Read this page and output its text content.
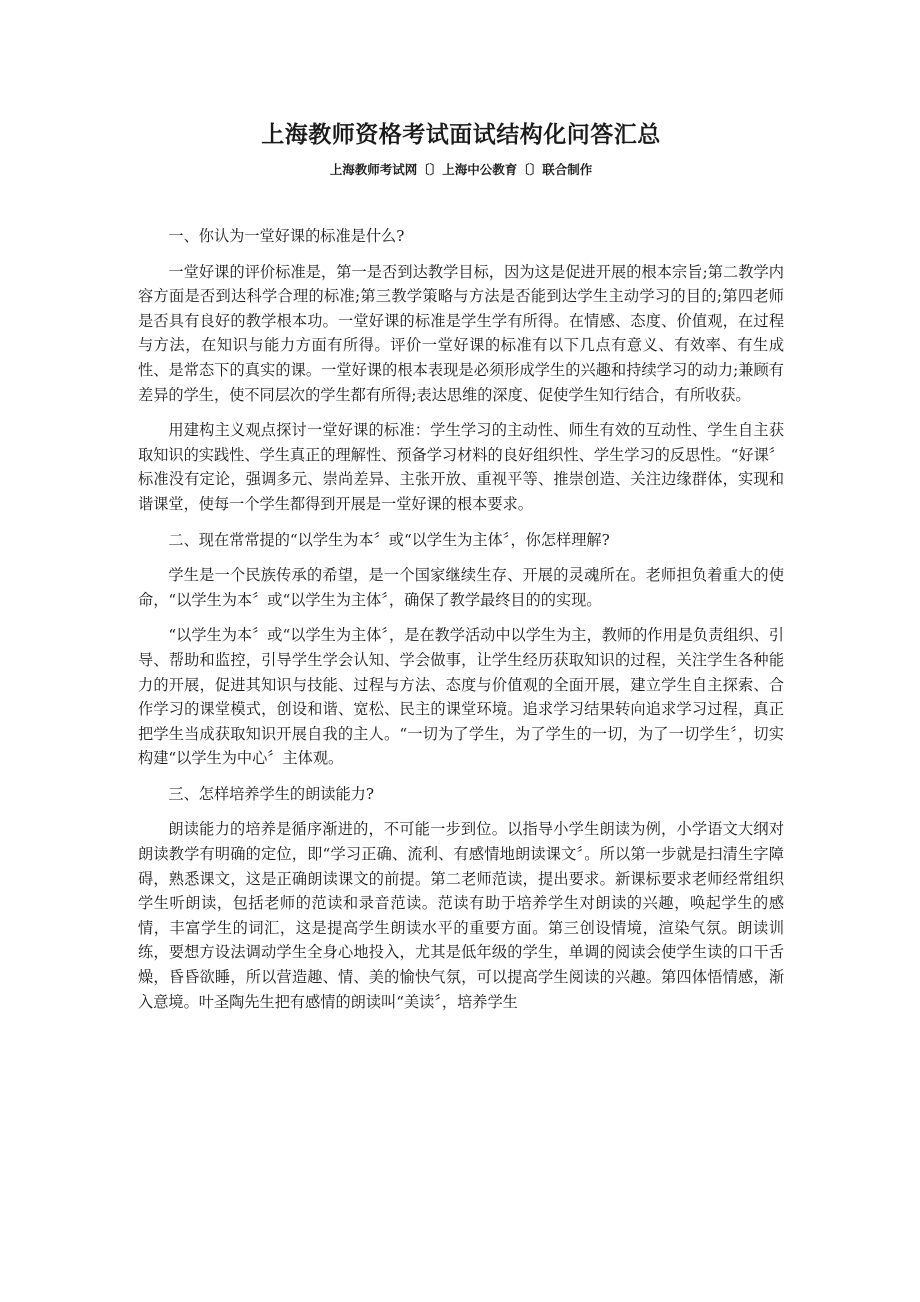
上海教师资格考试面试结构化问答汇总
上海教师考试网〔〕上海中公教育〔〕联合制作

一、你认为一堂好课的标准是什么?

一堂好课的评价标准是，第一是否到达教学目标，因为这是促进开展的根本宗旨;第二教学内容方面是否到达科学合理的标准;第三教学策略与方法是否能到达学生主动学习的目的;第四老师是否具有良好的教学根本功。一堂好课的标准是学生学有所得。在情感、态度、价值观，在过程与方法，在知识与能力方面有所得。评价一堂好课的标准有以下几点有意义、有效率、有生成性、是常态下的真实的课。一堂好课的根本表现是必须形成学生的兴趣和持续学习的动力;兼顾有差异的学生，使不同层次的学生都有所得;表达思维的深度、促使学生知行结合，有所收获。

用建构主义观点探讨一堂好课的标准：学生学习的主动性、师生有效的互动性、学生自主获取知识的实践性、学生真正的理解性、预备学习材料的良好组织性、学生学习的反思性。“好课〞标准没有定论，强调多元、崇尚差异、主张开放、重视平等、推崇创造、关注边缘群体，实现和谐课堂，使每一个学生都得到开展是一堂好课的根本要求。

二、现在常常提的“以学生为本〞或“以学生为主体〞，你怎样理解?

学生是一个民族传承的希望，是一个国家继续生存、开展的灵魂所在。老师担负着重大的使命，“以学生为本〞或“以学生为主体〞，确保了教学最终目的的实现。

“以学生为本〞或“以学生为主体〞，是在教学活动中以学生为主，教师的作用是负责组织、引导、帮助和监控，引导学生学会认知、学会做事，让学生经历获取知识的过程，关注学生各种能力的开展，促进其知识与技能、过程与方法、态度与价值观的全面开展，建立学生自主探索、合作学习的课堂模式，创设和谐、宽松、民主的课堂环境。追求学习结果转向追求学习过程，真正把学生当成获取知识开展自我的主人。“一切为了学生，为了学生的一切，为了一切学生〞，切实构建“以学生为中心〞主体观。

三、怎样培养学生的朗读能力?

朗读能力的培养是循序渐进的，不可能一步到位。以指导小学生朗读为例，小学语文大纲对朗读教学有明确的定位，即“学习正确、流利、有感情地朗读课文〞。所以第一步就是扫清生字障碍，熟悉课文，这是正确朗读课文的前提。第二老师范读，提出要求。新课标要求老师经常组织学生听朗读，包括老师的范读和录音范读。范读有助于培养学生对朗读的兴趣，唤起学生的感情，丰富学生的词汇，这是提高学生朗读水平的重要方面。第三创设情境，渲染气氛。朗读训练，要想方设法调动学生全身心地投入，尤其是低年级的学生，单调的阅读会使学生读的口干舌燥，昏昏欲睡，所以营造趣、情、美的愉快气氛，可以提高学生阅读的兴趣。第四体悟情感，渐入意境。叶圣陶先生把有感情的朗读叫“美读〞，培养学生
